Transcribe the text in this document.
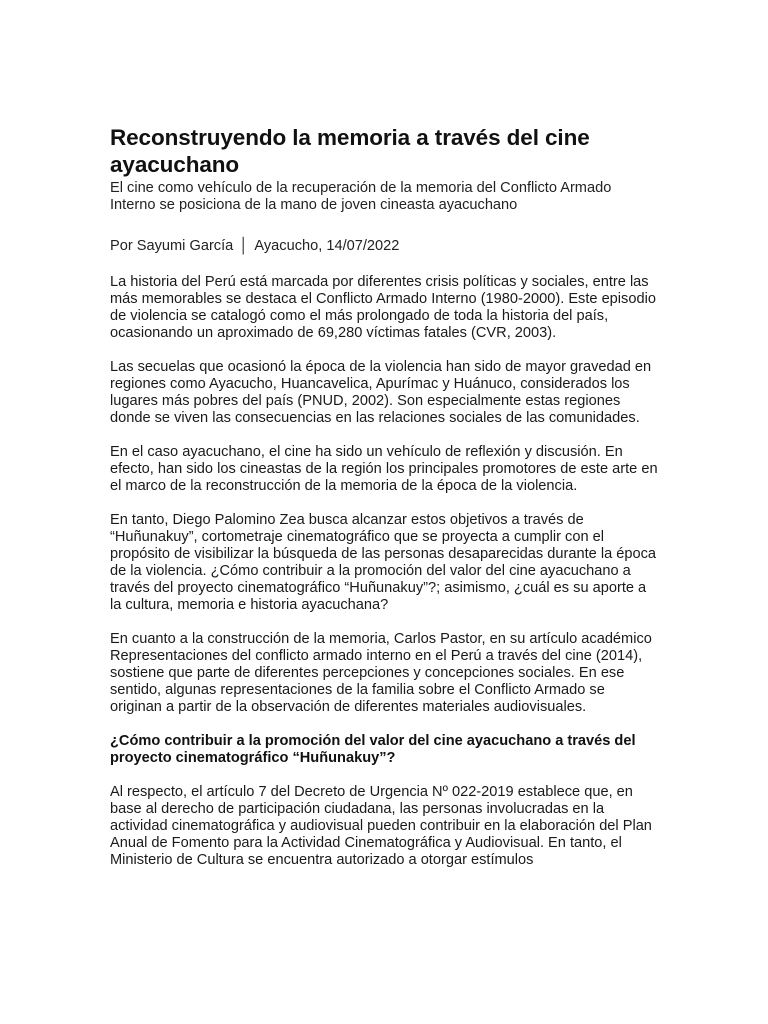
Reconstruyendo la memoria a través del cine ayacuchano
El cine como vehículo de la recuperación de la memoria del Conflicto Armado Interno se posiciona de la mano de joven cineasta ayacuchano
Por Sayumi García │ Ayacucho, 14/07/2022

La historia del Perú está marcada por diferentes crisis políticas y sociales, entre las más memorables se destaca el Conflicto Armado Interno (1980-2000). Este episodio de violencia se catalogó como el más prolongado de toda la historia del país, ocasionando un aproximado de 69,280 víctimas fatales (CVR, 2003).

Las secuelas que ocasionó la época de la violencia han sido de mayor gravedad en regiones como Ayacucho, Huancavelica, Apurímac y Huánuco, considerados los lugares más pobres del país (PNUD, 2002). Son especialmente estas regiones donde se viven las consecuencias en las relaciones sociales de las comunidades.

En el caso ayacuchano, el cine ha sido un vehículo de reflexión y discusión. En efecto, han sido los cineastas de la región los principales promotores de este arte en el marco de la reconstrucción de la memoria de la época de la violencia.

En tanto, Diego Palomino Zea busca alcanzar estos objetivos a través de “Huñunakuy”, cortometraje cinematográfico que se proyecta a cumplir con el propósito de visibilizar la búsqueda de las personas desaparecidas durante la época de la violencia. ¿Cómo contribuir a la promoción del valor del cine ayacuchano a través del proyecto cinematográfico “Huñunakuy”?; asimismo, ¿cuál es su aporte a la cultura, memoria e historia ayacuchana?

En cuanto a la construcción de la memoria, Carlos Pastor, en su artículo académico Representaciones del conflicto armado interno en el Perú a través del cine (2014), sostiene que parte de diferentes percepciones y concepciones sociales. En ese sentido, algunas representaciones de la familia sobre el Conflicto Armado se originan a partir de la observación de diferentes materiales audiovisuales.

¿Cómo contribuir a la promoción del valor del cine ayacuchano a través del proyecto cinematográfico “Huñunakuy”?

Al respecto, el artículo 7 del Decreto de Urgencia Nº 022-2019 establece que, en base al derecho de participación ciudadana, las personas involucradas en la actividad cinematográfica y audiovisual pueden contribuir en la elaboración del Plan Anual de Fomento para la Actividad Cinematográfica y Audiovisual. En tanto, el Ministerio de Cultura se encuentra autorizado a otorgar estímulos
